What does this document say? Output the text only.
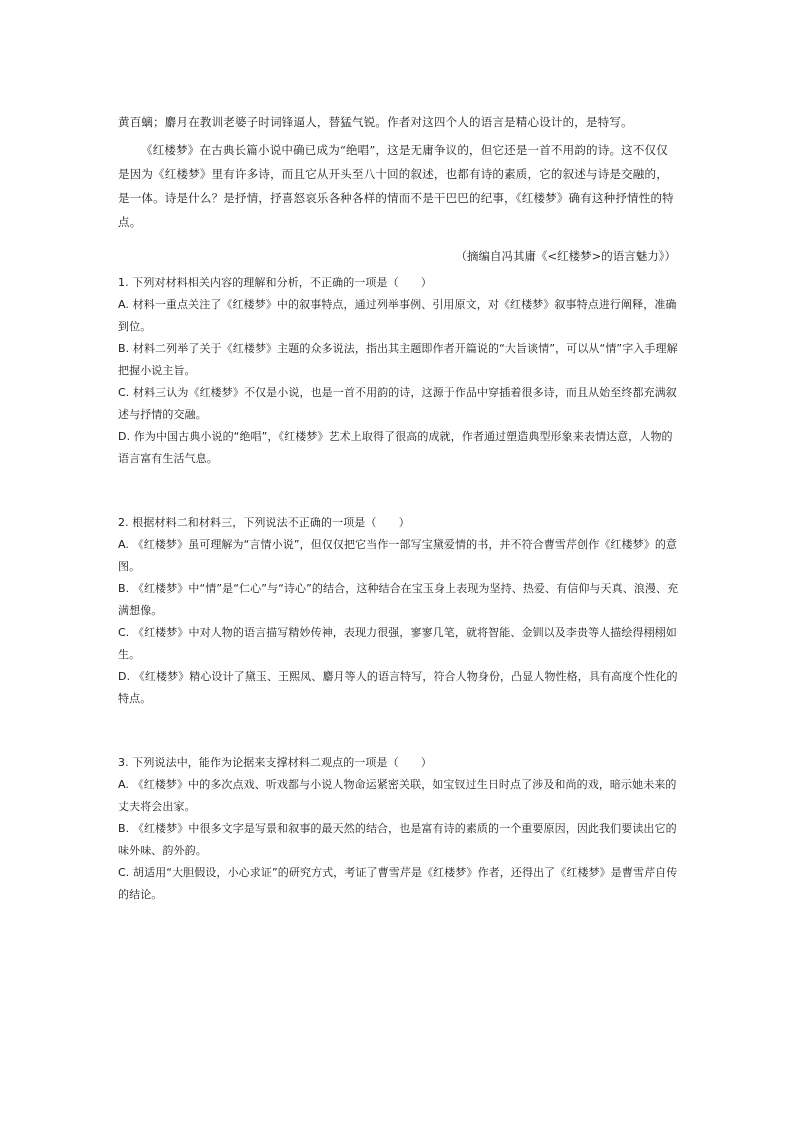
黄百螭；麝月在教训老婆子时词锋逼人，替猛气锐。作者对这四个人的语言是精心设计的，是特写。
《红楼梦》在古典长篇小说中确已成为“绝唱”，这是无庸争议的，但它还是一首不用韵的诗。这不仅仅是因为《红楼梦》里有许多诗，而且它从开头至八十回的叙述，也都有诗的素质，它的叙述与诗是交融的，是一体。诗是什么？是抒情，抒喜怒哀乐各种各样的情而不是干巴巴的纪事，《红楼梦》确有这种抒情性的特点。
（摘编自冯其庸《<红楼梦>的语言魅力》）
1. 下列对材料相关内容的理解和分析，不正确的一项是（　　）
A. 材料一重点关注了《红楼梦》中的叙事特点，通过列举事例、引用原文，对《红楼梦》叙事特点进行阐释，准确到位。
B. 材料二列举了关于《红楼梦》主题的众多说法，指出其主题即作者开篇说的“大旨谈情”，可以从“情”字入手理解把握小说主旨。
C. 材料三认为《红楼梦》不仅是小说，也是一首不用韵的诗，这源于作品中穿插着很多诗，而且从始至终都充满叙述与抒情的交融。
D. 作为中国古典小说的“绝唱”，《红楼梦》艺术上取得了很高的成就，作者通过塑造典型形象来表情达意，人物的语言富有生活气息。
2. 根据材料二和材料三，下列说法不正确的一项是（　　）
A. 《红楼梦》虽可理解为“言情小说”，但仅仅把它当作一部写宝黛爱情的书，并不符合曹雪芹创作《红楼梦》的意图。
B. 《红楼梦》中“情”是“仁心”与“诗心”的结合，这种结合在宝玉身上表现为坚持、热爱、有信仰与天真、浪漫、充满想像。
C. 《红楼梦》中对人物的语言描写精妙传神，表现力很强，寥寥几笔，就将智能、金钏以及李贵等人描绘得栩栩如生。
D. 《红楼梦》精心设计了黛玉、王熙凤、麝月等人的语言特写，符合人物身份，凸显人物性格，具有高度个性化的特点。
3. 下列说法中，能作为论据来支撑材料二观点的一项是（　　）
A. 《红楼梦》中的多次点戏、听戏都与小说人物命运紧密关联，如宝钗过生日时点了涉及和尚的戏，暗示她未来的丈夫将会出家。
B. 《红楼梦》中很多文字是写景和叙事的最天然的结合，也是富有诗的素质的一个重要原因，因此我们要读出它的味外味、韵外韵。
C. 胡适用“大胆假设，小心求证”的研究方式，考证了曹雪芹是《红楼梦》作者，还得出了《红楼梦》是曹雪芹自传的结论。
